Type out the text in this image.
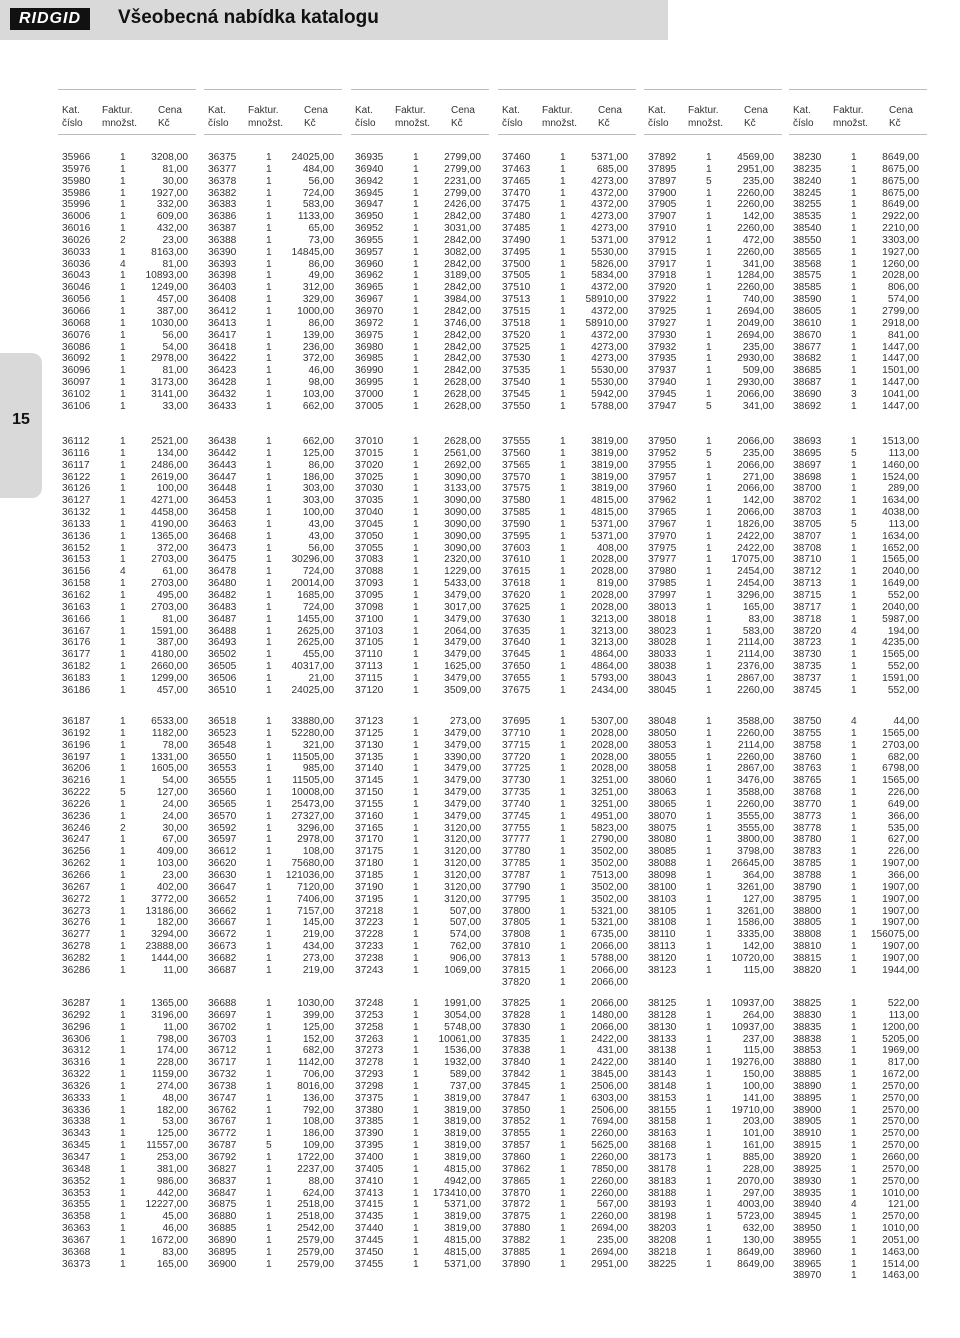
RIDGID	Všeobecná nabídka katalogu
15
Kat. číslo
Faktur. množst.
Cena Kč
Kat. číslo
Faktur. množst.
Cena Kč
Kat. číslo
Faktur. množst.
Cena Kč
Kat. číslo
Faktur. množst.
Cena Kč
Kat. číslo
Faktur. množst.
Cena Kč
Kat. číslo
Faktur. množst.
Cena Kč
35966	1	3208,00
35976	1	81,00
35980	1	30,00
35986	1	1927,00
35996	1	332,00
36006	1	609,00
36016	1	432,00
36026	2	23,00
36033	1	8163,00
36036	4	81,00
36043	1 10893,00
36046	1	1249,00
36056	1	457,00
36066	1	387,00
36068	1	1030,00
36076	1	56,00
36086	1	54,00
36092	1	2978,00
36096	1	81,00
36097	1	3173,00
36102	1	3141,00
36106	1	33,00
36112	1	2521,00
36116	1	134,00
36117	1	2486,00
36122	1	2619,00
36126	1	100,00
36127	1	4271,00
36132	1	4458,00
36133	1	4190,00
36136	1	1365,00
36152	1	372,00
36153	1	2703,00
36156	4	61,00
36158	1	2703,00
36162	1	495,00
36163	1	2703,00
36166	1	81,00
36167	1	1591,00
36176	1	387,00
36177	1	4180,00
36182	1	2660,00
36183	1	1299,00
36186	1	457,00
36187	1	6533,00
36192	1	1182,00
36196	1	78,00
36197	1	1331,00
36206	1	1605,00
36216	1	54,00
36222	5	127,00
36226	1	24,00
36236	1	24,00
36246	2	30,00
36247	1	67,00
36256	1	409,00
36262	1	103,00
36266	1	23,00
36267	1	402,00
36272	1	3772,00
36273	1 13186,00
36276	1	182,00
36277	1	3294,00
36278	1 23888,00
36282	1	1444,00
36286	1	11,00
36287	1	1365,00
36292	1	3196,00
36296	1	11,00
36306	1	798,00
36312	1	174,00
36316	1	228,00
36322	1	1159,00
36326	1	274,00
36333	1	48,00
36336	1	182,00
36338	1	53,00
36343	1	125,00
36345	1 11557,00
36347	1	253,00
36348	1	381,00
36352	1	986,00
36353	1	442,00
36355	1 12227,00
36358	1	45,00
36363	1	46,00
36367	1	1672,00
36368	1	83,00
36373	1	165,00
36375	1 24025,00
36377	1	484,00
36378	1	56,00
36382	1	724,00
36383	1	583,00
36386	1	1133,00
36387	1	65,00
36388	1	73,00
36390	1 14845,00
36393	1	86,00
36398	1	49,00
36403	1	312,00
36408	1	329,00
36412	1	1000,00
36413	1	86,00
36417	1	139,00
36418	1	236,00
36422	1	372,00
36423	1	46,00
36428	1	98,00
36432	1	103,00
36433	1	662,00
36438	1	662,00
36442	1	125,00
36443	1	86,00
36447	1	186,00
36448	1	303,00
36453	1	303,00
36458	1	100,00
36463	1	43,00
36468	1	43,00
36473	1	56,00
36475	1 30296,00
36478	1	724,00
36480	1 20014,00
36482	1	1685,00
36483	1	724,00
36487	1	1455,00
36488	1	2625,00
36493	1	2625,00
36502	1	455,00
36505	1 40317,00
36506	1	21,00
36510	1 24025,00
36518	1 33880,00
36523	1 52280,00
36548	1	321,00
36550	1 11505,00
36553	1	985,00
36555	1 11505,00
36560	1 10008,00
36565	1 25473,00
36570	1 27327,00
36592	1	3296,00
36597	1	2978,00
36612	1	108,00
36620	1 75680,00
36630	1 121036,00
36647	1	7120,00
36652	1	7406,00
36662	1	7157,00
36667	1	145,00
36672	1	219,00
36673	1	434,00
36682	1	273,00
36687	1	219,00
36688	1	1030,00
36697	1	399,00
36702	1	125,00
36703	1	152,00
36712	1	682,00
36717	1	1142,00
36732	1	706,00
36738	1	8016,00
36747	1	136,00
36762	1	792,00
36767	1	108,00
36772	1	186,00
36787	5	109,00
36792	1	1722,00
36827	1	2237,00
36837	1	88,00
36847	1	624,00
36875	1	2518,00
36880	1	2518,00
36885	1	2542,00
36890	1	2579,00
36895	1	2579,00
36900	1	2579,00
36935	1	2799,00
36940	1	2799,00
36942	1	2231,00
36945	1	2799,00
36947	1	2426,00
36950	1	2842,00
36952	1	3031,00
36955	1	2842,00
36957	1	3082,00
36960	1	2842,00
36962	1	3189,00
36965	1	2842,00
36967	1	3984,00
36970	1	2842,00
36972	1	3746,00
36975	1	2842,00
36980	1	2842,00
36985	1	2842,00
36990	1	2842,00
36995	1	2628,00
37000	1	2628,00
37005	1	2628,00
37010	1	2628,00
37015	1	2561,00
37020	1	2692,00
37025	1	3090,00
37030	1	3133,00
37035	1	3090,00
37040	1	3090,00
37045	1	3090,00
37050	1	3090,00
37055	1	3090,00
37083	1	2320,00
37088	1	1229,00
37093	1	5433,00
37095	1	3479,00
37098	1	3017,00
37100	1	3479,00
37103	1	2064,00
37105	1	3479,00
37110	1	3479,00
37113	1	1625,00
37115	1	3479,00
37120	1	3509,00
37123	1	273,00
37125	1	3479,00
37130	1	3479,00
37135	1	3390,00
37140	1	3479,00
37145	1	3479,00
37150	1	3479,00
37155	1	3479,00
37160	1	3479,00
37165	1	3120,00
37170	1	3120,00
37175	1	3120,00
37180	1	3120,00
37185	1	3120,00
37190	1	3120,00
37195	1	3120,00
37218	1	507,00
37223	1	507,00
37228	1	574,00
37233	1	762,00
37238	1	906,00
37243	1	1069,00
37248	1	1991,00
37253	1	3054,00
37258	1	5748,00
37263	1 10061,00
37273	1	1536,00
37278	1	1932,00
37293	1	589,00
37298	1	737,00
37375	1	3819,00
37380	1	3819,00
37385	1	3819,00
37390	1	3819,00
37395	1	3819,00
37400	1	3819,00
37405	1	4815,00
37410	1	4942,00
37413	1 173410,00
37415	1	5371,00
37435	1	3819,00
37440	1	3819,00
37445	1	4815,00
37450	1	4815,00
37455	1	5371,00
37460	1	5371,00
37463	1	685,00
37465	1	4273,00
37470	1	4372,00
37475	1	4372,00
37480	1	4273,00
37485	1	4273,00
37490	1	5371,00
37495	1	5530,00
37500	1	5826,00
37505	1	5834,00
37510	1	4372,00
37513	1 58910,00
37515	1	4372,00
37518	1 58910,00
37520	1	4372,00
37525	1	4273,00
37530	1	4273,00
37535	1	5530,00
37540	1	5530,00
37545	1	5942,00
37550	1	5788,00
37555	1	3819,00
37560	1	3819,00
37565	1	3819,00
37570	1	3819,00
37575	1	3819,00
37580	1	4815,00
37585	1	4815,00
37590	1	5371,00
37595	1	5371,00
37603	1	408,00
37610	1	2028,00
37615	1	2028,00
37618	1	819,00
37620	1	2028,00
37625	1	2028,00
37630	1	3213,00
37635	1	3213,00
37640	1	3213,00
37645	1	4864,00
37650	1	4864,00
37655	1	5793,00
37675	1	2434,00
37695	1	5307,00
37710	1	2028,00
37715	1	2028,00
37720	1	2028,00
37725	1	2028,00
37730	1	3251,00
37735	1	3251,00
37740	1	3251,00
37745	1	4951,00
37755	1	5823,00
37777	1	2790,00
37780	1	3502,00
37785	1	3502,00
37787	1	7513,00
37790	1	3502,00
37795	1	3502,00
37800	1	5321,00
37805	1	5321,00
37808	1	6735,00
37810	1	2066,00
37813	1	5788,00
37815	1	2066,00
37820	1	2066,00
37825	1	2066,00
37828	1	1480,00
37830	1	2066,00
37835	1	2422,00
37838	1	431,00
37840	1	2422,00
37842	1	3845,00
37845	1	2506,00
37847	1	6303,00
37850	1	2506,00
37852	1	7694,00
37855	1	2260,00
37857	1	5625,00
37860	1	2260,00
37862	1	7850,00
37865	1	2260,00
37870	1	2260,00
37872	1	567,00
37875	1	2260,00
37880	1	2694,00
37882	1	235,00
37885	1	2694,00
37890	1	2951,00
37892	1	4569,00
37895	1	2951,00
37897	5	235,00
37900	1	2260,00
37905	1	2260,00
37907	1	142,00
37910	1	2260,00
37912	1	472,00
37915	1	2260,00
37917	1	341,00
37918	1	1284,00
37920	1	2260,00
37922	1	740,00
37925	1	2694,00
37927	1	2049,00
37930	1	2694,00
37932	1	235,00
37935	1	2930,00
37937	1	509,00
37940	1	2930,00
37945	1	2066,00
37947	5	341,00
37950	1	2066,00
37952	5	235,00
37955	1	2066,00
37957	1	271,00
37960	1	2066,00
37962	1	142,00
37965	1	2066,00
37967	1	1826,00
37970	1	2422,00
37975	1	2422,00
37977	1 17075,00
37980	1	2454,00
37985	1	2454,00
37997	1	3296,00
38013	1	165,00
38018	1	83,00
38023	1	583,00
38028	1	2114,00
38033	1	2114,00
38038	1	2376,00
38043	1	2867,00
38045	1	2260,00
38048	1	3588,00
38050	1	2260,00
38053	1	2114,00
38055	1	2260,00
38058	1	2867,00
38060	1	3476,00
38063	1	3588,00
38065	1	2260,00
38070	1	3555,00
38075	1	3555,00
38080	1	3800,00
38085	1	3798,00
38088	1 26645,00
38098	1	364,00
38100	1	3261,00
38103	1	127,00
38105	1	3261,00
38108	1	1586,00
38110	1	3335,00
38113	1	142,00
38120	1 10720,00
38123	1	115,00
38125	1 10937,00
38128	1	264,00
38130	1 10937,00
38133	1	237,00
38138	1	115,00
38140	1 19276,00
38143	1	150,00
38148	1	100,00
38153	1	141,00
38155	1 19710,00
38158	1	203,00
38163	1	101,00
38168	1	161,00
38173	1	885,00
38178	1	228,00
38183	1	2070,00
38188	1	297,00
38193	1	4003,00
38198	1	5723,00
38203	1	632,00
38208	1	130,00
38218	1	8649,00
38225	1	8649,00
38230	1	8649,00
38235	1	8675,00
38240	1	8675,00
38245	1	8675,00
38255	1	8649,00
38535	1	2922,00
38540	1	2210,00
38550	1	3303,00
38565	1	1927,00
38568	1	1260,00
38575	1	2028,00
38585	1	806,00
38590	1	574,00
38605	1	2799,00
38610	1	2918,00
38670	1	841,00
38677	1	1447,00
38682	1	1447,00
38685	1	1501,00
38687	1	1447,00
38690	3	1041,00
38692	1	1447,00
38693	1	1513,00
38695	5	113,00
38697	1	1460,00
38698	1	1524,00
38700	1	289,00
38702	1	1634,00
38703	1	4038,00
38705	5	113,00
38707	1	1634,00
38708	1	1652,00
38710	1	1565,00
38712	1	2040,00
38713	1	1649,00
38715	1	552,00
38717	1	2040,00
38718	1	5987,00
38720	4	194,00
38723	1	4235,00
38730	1	1565,00
38735	1	552,00
38737	1	1591,00
38745	1	552,00
38750	4	44,00
38755	1	1565,00
38758	1	2703,00
38760	1	682,00
38763	1	6798,00
38765	1	1565,00
38768	1	226,00
38770	1	649,00
38773	1	366,00
38778	1	535,00
38780	1	627,00
38783	1	226,00
38785	1	1907,00
38788	1	366,00
38790	1	1907,00
38795	1	1907,00
38800	1	1907,00
38805	1	1907,00
38808	1 156075,00
38810	1	1907,00
38815	1	1907,00
38820	1	1944,00
38825	1	522,00
38830	1	113,00
38835	1	1200,00
38838	1	5205,00
38853	1	1969,00
38880	1	817,00
38885	1	1672,00
38890	1	2570,00
38895	1	2570,00
38900	1	2570,00
38905	1	2570,00
38910	1	2570,00
38915	1	2570,00
38920	1	2660,00
38925	1	2570,00
38930	1	2570,00
38935	1	1010,00
38940	4	121,00
38945	1	2570,00
38950	1	1010,00
38955	1	2051,00
38960	1	1463,00
38965	1	1514,00
38970	1	1463,00
